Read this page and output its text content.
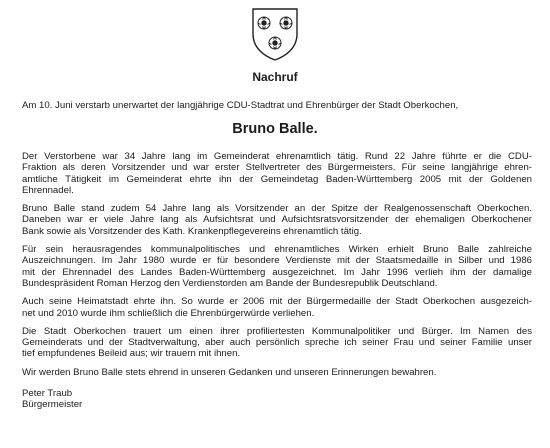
Nachruf
Am 10. Juni verstarb unerwartet der langjährige CDU-Stadtrat und Ehrenbürger der Stadt Oberkochen,
Bruno Balle.

Der Verstorbene war 34 Jahre lang im Gemeinderat ehrenamtlich tätig. Rund 22 Jahre führte er die CDU-
Fraktion als deren Vorsitzender und war erster Stellvertreter des Bürgermeisters. Für seine langjährige ehren-
amtliche Tätigkeit im Gemeinderat ehrte ihn der Gemeindetag Baden-Württemberg 2005 mit der Goldenen
Ehrennadel.

Bruno Balle stand zudem 54 Jahre lang als Vorsitzender an der Spitze der Realgenossenschaft Oberkochen.
Daneben war er viele Jahre lang als Aufsichtsrat und Aufsichtsratsvorsitzender der ehemaligen Oberkochener
Bank sowie als Vorsitzender des Kath. Krankenpflegevereins ehrenamtlich tätig.

Für sein herausragendes kommunalpolitisches und ehrenamtliches Wirken erhielt Bruno Balle zahlreiche
Auszeichnungen. Im Jahr 1980 wurde er für besondere Verdienste mit der Staatsmedaille in Silber und 1986
mit der Ehrennadel des Landes Baden-Württemberg ausgezeichnet. Im Jahr 1996 verlieh ihm der damalige
Bundespräsident Roman Herzog den Verdienstorden am Bande der Bundesrepublik Deutschland.

Auch seine Heimatstadt ehrte ihn. So wurde er 2006 mit der Bürgermedaille der Stadt Oberkochen ausgezeich-
net und 2010 wurde ihm schließlich die Ehrenbürgerwürde verliehen.

Die Stadt Oberkochen trauert um einen ihrer profiliertesten Kommunalpolitiker und Bürger. Im Namen des
Gemeinderats und der Stadtverwaltung, aber auch persönlich spreche ich seiner Frau und seiner Familie unser
tief empfundenes Beileid aus; wir trauern mit ihnen.

Wir werden Bruno Balle stets ehrend in unseren Gedanken und unseren Erinnerungen bewahren.

Peter Traub
Bürgermeister
